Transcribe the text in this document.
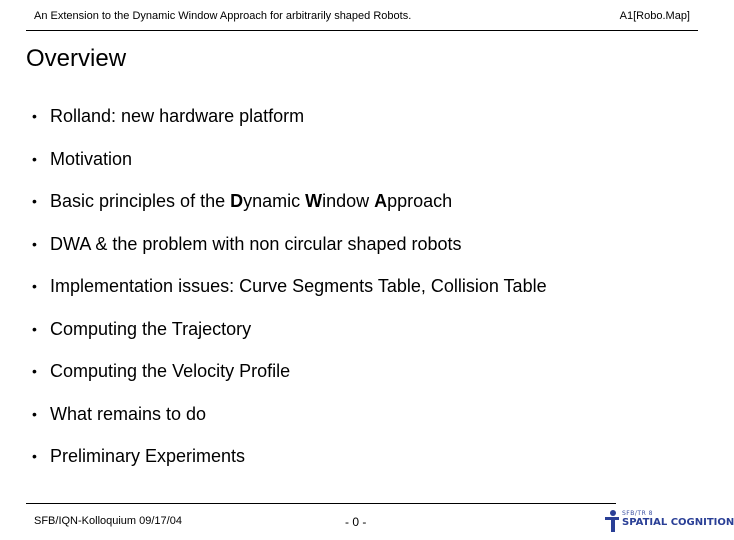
An Extension to the Dynamic Window Approach for arbitrarily shaped Robots.	A1[Robo.Map]
Overview
• Rolland: new hardware platform
• Motivation
• Basic principles of the Dynamic Window Approach
• DWA & the problem with non circular shaped robots
• Implementation issues: Curve Segments Table, Collision Table
• Computing the Trajectory
• Computing the Velocity Profile
• What remains to do
• Preliminary Experiments
SFB/IQN-Kolloquium 09/17/04	- 0 -
SFB/TR 8
SPATIAL COGNITION
